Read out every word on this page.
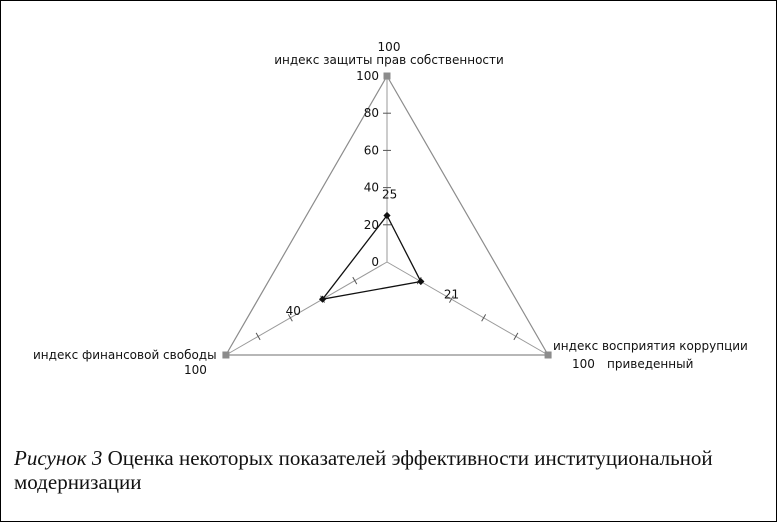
0
20
40
60
80
100
25
21
40
100
индекс защиты прав собственности
индекс восприятия коррупции
100 приведенный
индекс финансовой свободы
100
Рисунок 3 Оценка некоторых показателей эффективности институциональной модернизации
